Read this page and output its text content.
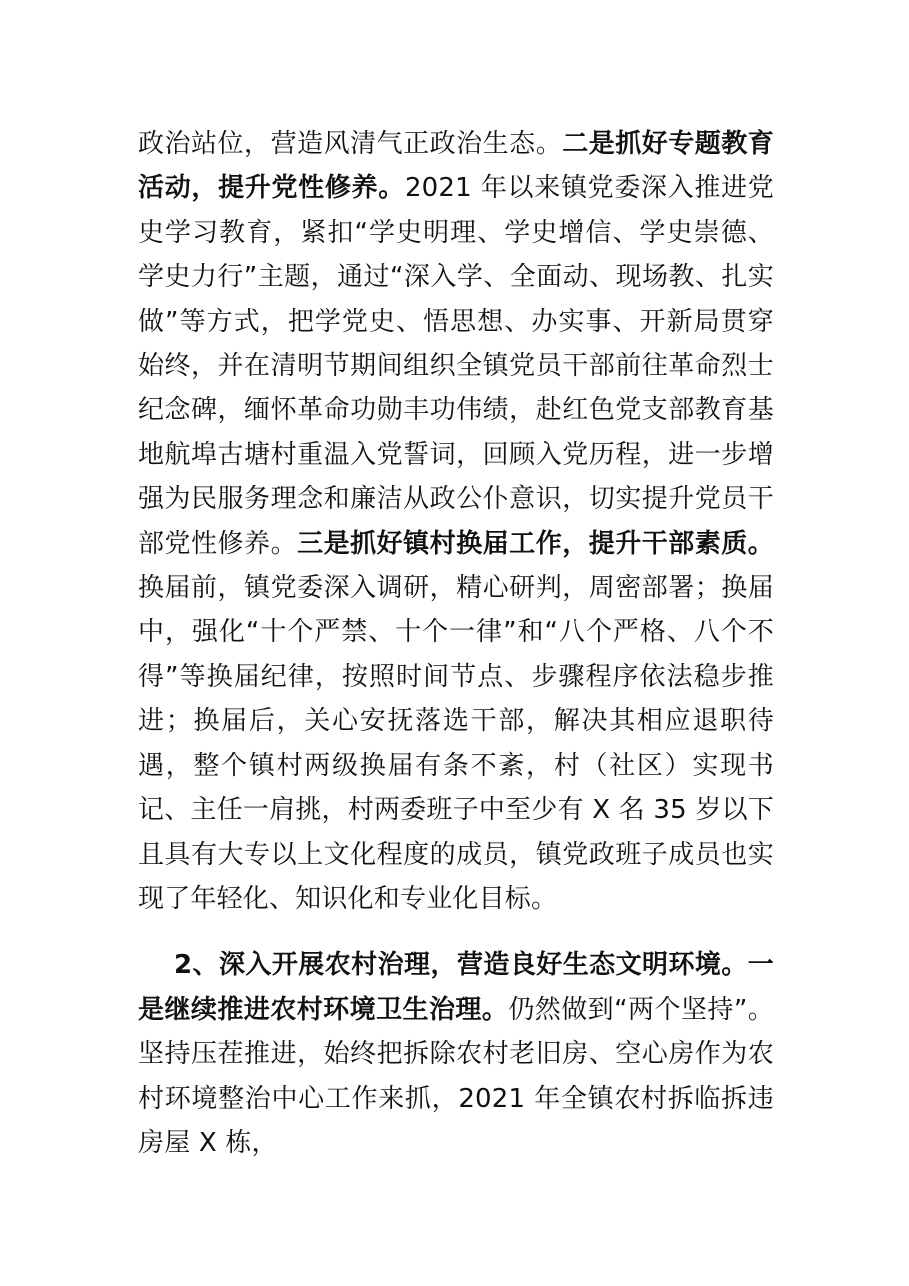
政治站位，营造风清气正政治生态。二是抓好专题教育活动，提升党性修养。2021 年以来镇党委深入推进党史学习教育，紧扣“学史明理、学史增信、学史崇德、学史力行”主题，通过“深入学、全面动、现场教、扎实做”等方式，把学党史、悟思想、办实事、开新局贯穿始终，并在清明节期间组织全镇党员干部前往革命烈士纪念碑，缅怀革命功勋丰功伟绩，赴红色党支部教育基地航埠古塘村重温入党誓词，回顾入党历程，进一步增强为民服务理念和廉洁从政公仆意识，切实提升党员干部党性修养。三是抓好镇村换届工作，提升干部素质。换届前，镇党委深入调研，精心研判，周密部署；换届中，强化“十个严禁、十个一律”和“八个严格、八个不得”等换届纪律，按照时间节点、步骤程序依法稳步推进；换届后，关心安抚落选干部，解决其相应退职待遇，整个镇村两级换届有条不紊，村（社区）实现书记、主任一肩挑，村两委班子中至少有 X 名 35 岁以下且具有大专以上文化程度的成员，镇党政班子成员也实现了年轻化、知识化和专业化目标。

2、深入开展农村治理，营造良好生态文明环境。一是继续推进农村环境卫生治理。仍然做到“两个坚持”。坚持压茬推进，始终把拆除农村老旧房、空心房作为农村环境整治中心工作来抓，2021 年全镇农村拆临拆违房屋 X 栋，
